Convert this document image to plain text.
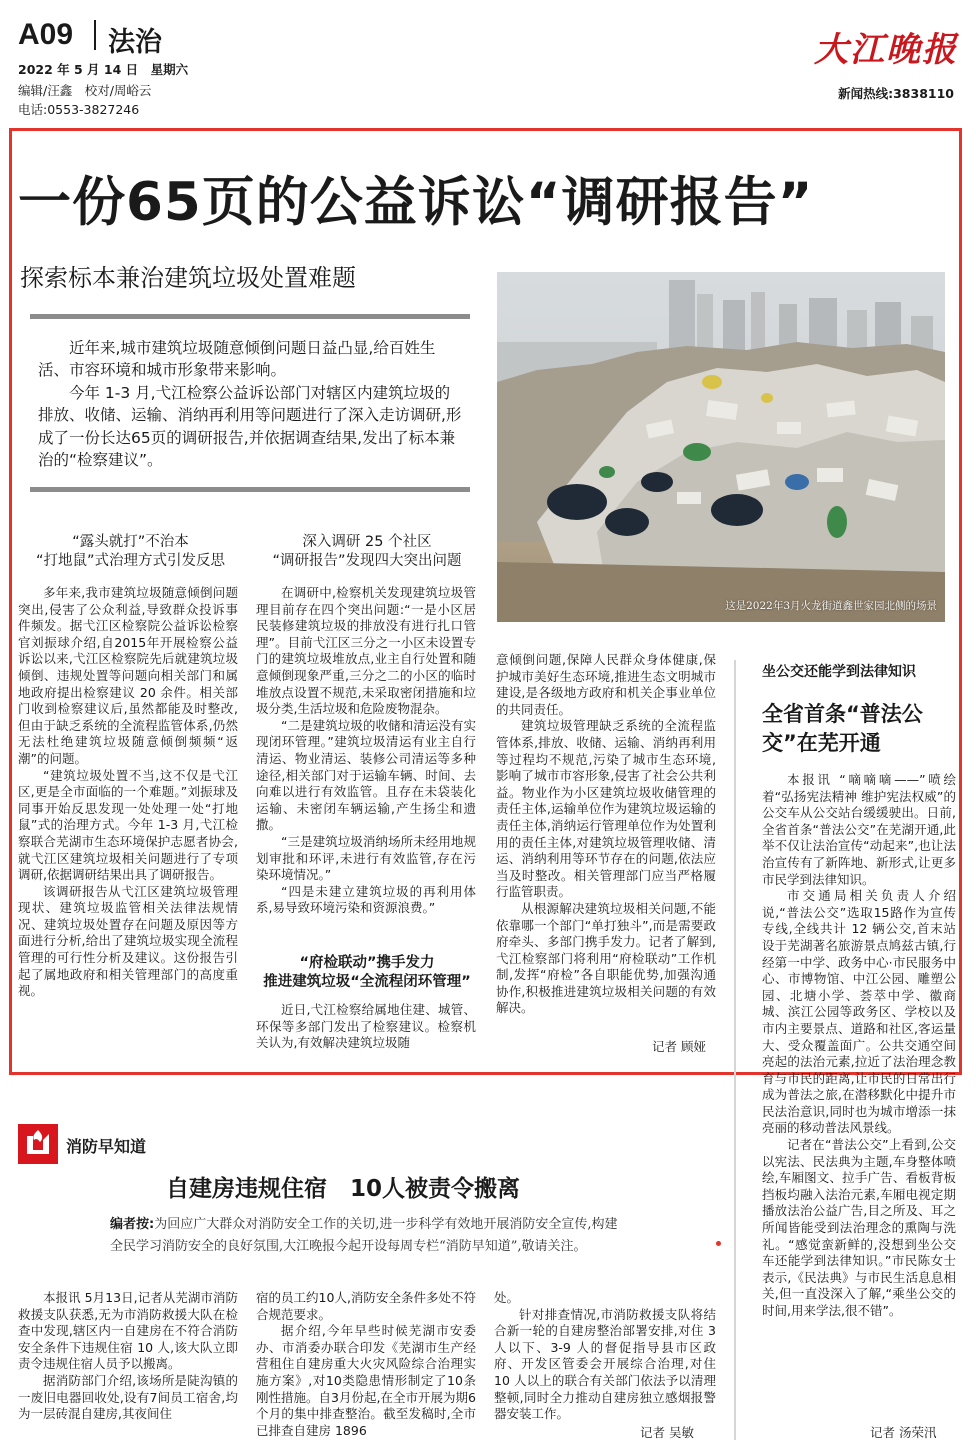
A09 法治
2022 年 5 月 14 日　星期六
编辑/汪鑫　校对/周峪云
电话:0553-3827246
大江晚报
新闻热线:3838110
一份65页的公益诉讼“调研报告”
探索标本兼治建筑垃圾处置难题

近年来,城市建筑垃圾随意倾倒问题日益凸显,给百姓生活、市容环境和城市形象带来影响。

今年 1-3 月,弋江检察公益诉讼部门对辖区内建筑垃圾的排放、收储、运输、消纳再利用等问题进行了深入走访调研,形成了一份长达65页的调研报告,并依据调查结果,发出了标本兼治的“检察建议”。

这是2022年3月火龙街道鑫世家园北侧的场景
“露头就打”不治本
“打地鼠”式治理方式引发反思
深入调研 25 个社区
“调研报告”发现四大突出问题

多年来,我市建筑垃圾随意倾倒问题突出,侵害了公众利益,导致群众投诉事件频发。据弋江区检察院公益诉讼检察官刘振球介绍,自2015年开展检察公益诉讼以来,弋江区检察院先后就建筑垃圾倾倒、违规处置等问题向相关部门和属地政府提出检察建议 20 余件。相关部门收到检察建议后,虽然都能及时整改,但由于缺乏系统的全流程监管体系,仍然无法杜绝建筑垃圾随意倾倒频频“返潮”的问题。

“建筑垃圾处置不当,这不仅是弋江区,更是全市面临的一个难题。”刘振球及同事开始反思发现一处处理一处“打地鼠”式的治理方式。今年 1-3 月,弋江检察联合芜湖市生态环境保护志愿者协会,就弋江区建筑垃圾相关问题进行了专项调研,依据调研结果出具了调研报告。

该调研报告从弋江区建筑垃圾管理现状、建筑垃圾监管相关法律法规情况、建筑垃圾处置存在问题及原因等方面进行分析,给出了建筑垃圾实现全流程管理的可行性分析及建议。这份报告引起了属地政府和相关管理部门的高度重视。

在调研中,检察机关发现建筑垃圾管理目前存在四个突出问题:“一是小区居民装修建筑垃圾的排放没有进行扎口管理”。目前弋江区三分之一小区未设置专门的建筑垃圾堆放点,业主自行处置和随意倾倒现象严重,三分之二的小区的临时堆放点设置不规范,未采取密闭措施和垃圾分类,生活垃圾和危险废物混杂。

“二是建筑垃圾的收储和清运没有实现闭环管理。”建筑垃圾清运有业主自行清运、物业清运、装修公司清运等多种途径,相关部门对于运输车辆、时间、去向难以进行有效监管。且存在未袋装化运输、未密闭车辆运输,产生扬尘和遗撒。

“三是建筑垃圾消纳场所未经用地规划审批和环评,未进行有效监管,存在污染环境情况。”

“四是未建立建筑垃圾的再利用体系,易导致环境污染和资源浪费。”

“府检联动”携手发力
推进建筑垃圾“全流程闭环管理”

近日,弋江检察给属地住建、城管、环保等多部门发出了检察建议。检察机关认为,有效解决建筑垃圾随

意倾倒问题,保障人民群众身体健康,保护城市美好生态环境,推进生态文明城市建设,是各级地方政府和机关企事业单位的共同责任。

建筑垃圾管理缺乏系统的全流程监管体系,排放、收储、运输、消纳再利用等过程均不规范,污染了城市生态环境,影响了城市市容形象,侵害了社会公共利益。物业作为小区建筑垃圾收储管理的责任主体,运输单位作为建筑垃圾运输的责任主体,消纳运行管理单位作为处置利用的责任主体,对建筑垃圾管理收储、清运、消纳利用等环节存在的问题,依法应当及时整改。相关管理部门应当严格履行监管职责。

从根源解决建筑垃圾相关问题,不能依靠哪一个部门“单打独斗”,而是需要政府牵头、多部门携手发力。记者了解到,弋江检察部门将利用“府检联动”工作机制,发挥“府检”各自职能优势,加强沟通协作,积极推进建筑垃圾相关问题的有效解决。

记者 顾娅
坐公交还能学到法律知识
全省首条“普法公交”在芜开通

本报讯 “嘀嘀嘀——”喷绘着“弘扬宪法精神 维护宪法权威”的公交车从公交站台缓缓驶出。日前,全省首条“普法公交”在芜湖开通,此举不仅让法治宣传“动起来”,也让法治宣传有了新阵地、新形式,让更多市民学到法律知识。

市交通局相关负责人介绍说,“普法公交”选取15路作为宣传专线,全线共计 12 辆公交,首末站设于芜湖著名旅游景点鸠兹古镇,行经第一中学、政务中心·市民服务中心、市博物馆、中江公园、雕塑公园、北塘小学、荟萃中学、徽商城、滨江公园等政务区、学校以及市内主要景点、道路和社区,客运量大、受众覆盖面广。公共交通空间亮起的法治元素,拉近了法治理念教育与市民的距离,让市民的日常出行成为普法之旅,在潜移默化中提升市民法治意识,同时也为城市增添一抹亮丽的移动普法风景线。

记者在“普法公交”上看到,公交以宪法、民法典为主题,车身整体喷绘,车厢图文、拉手广告、看板背板挡板均融入法治元素,车厢电视定期播放法治公益广告,目之所及、耳之所闻皆能受到法治理念的熏陶与洗礼。“感觉蛮新鲜的,没想到坐公交车还能学到法律知识。”市民陈女士表示,《民法典》与市民生活息息相关,但一直没深入了解,“乘坐公交的时间,用来学法,很不错”。

记者 汤荣汛
消防早知道
自建房违规住宿　10人被责令搬离
编者按:为回应广大群众对消防安全工作的关切,进一步科学有效地开展消防安全宣传,构建全民学习消防安全的良好氛围,大江晚报今起开设每周专栏“消防早知道”,敬请关注。

本报讯 5月13日,记者从芜湖市消防救援支队获悉,无为市消防救援大队在检查中发现,辖区内一自建房在不符合消防安全条件下违规住宿 10 人,该大队立即责令违规住宿人员予以搬离。

据消防部门介绍,该场所是陡沟镇的一废旧电器回收处,设有7间员工宿舍,均为一层砖混自建房,其夜间住

宿的员工约10人,消防安全条件多处不符合规范要求。

据介绍,今年早些时候芜湖市安委办、市消委办联合印发《芜湖市生产经营租住自建房重大火灾风险综合治理实施方案》,对10类隐患情形制定了10条刚性措施。自3月份起,在全市开展为期6个月的集中排查整治。截至发稿时,全市已排查自建房 1896

处。

针对排查情况,市消防救援支队将结合新一轮的自建房整治部署安排,对住 3 人以下、3-9 人的督促指导县市区政府、开发区管委会开展综合治理,对住 10 人以上的联合有关部门依法予以清理整顿,同时全力推动自建房独立感烟报警器安装工作。

记者 吴敏
